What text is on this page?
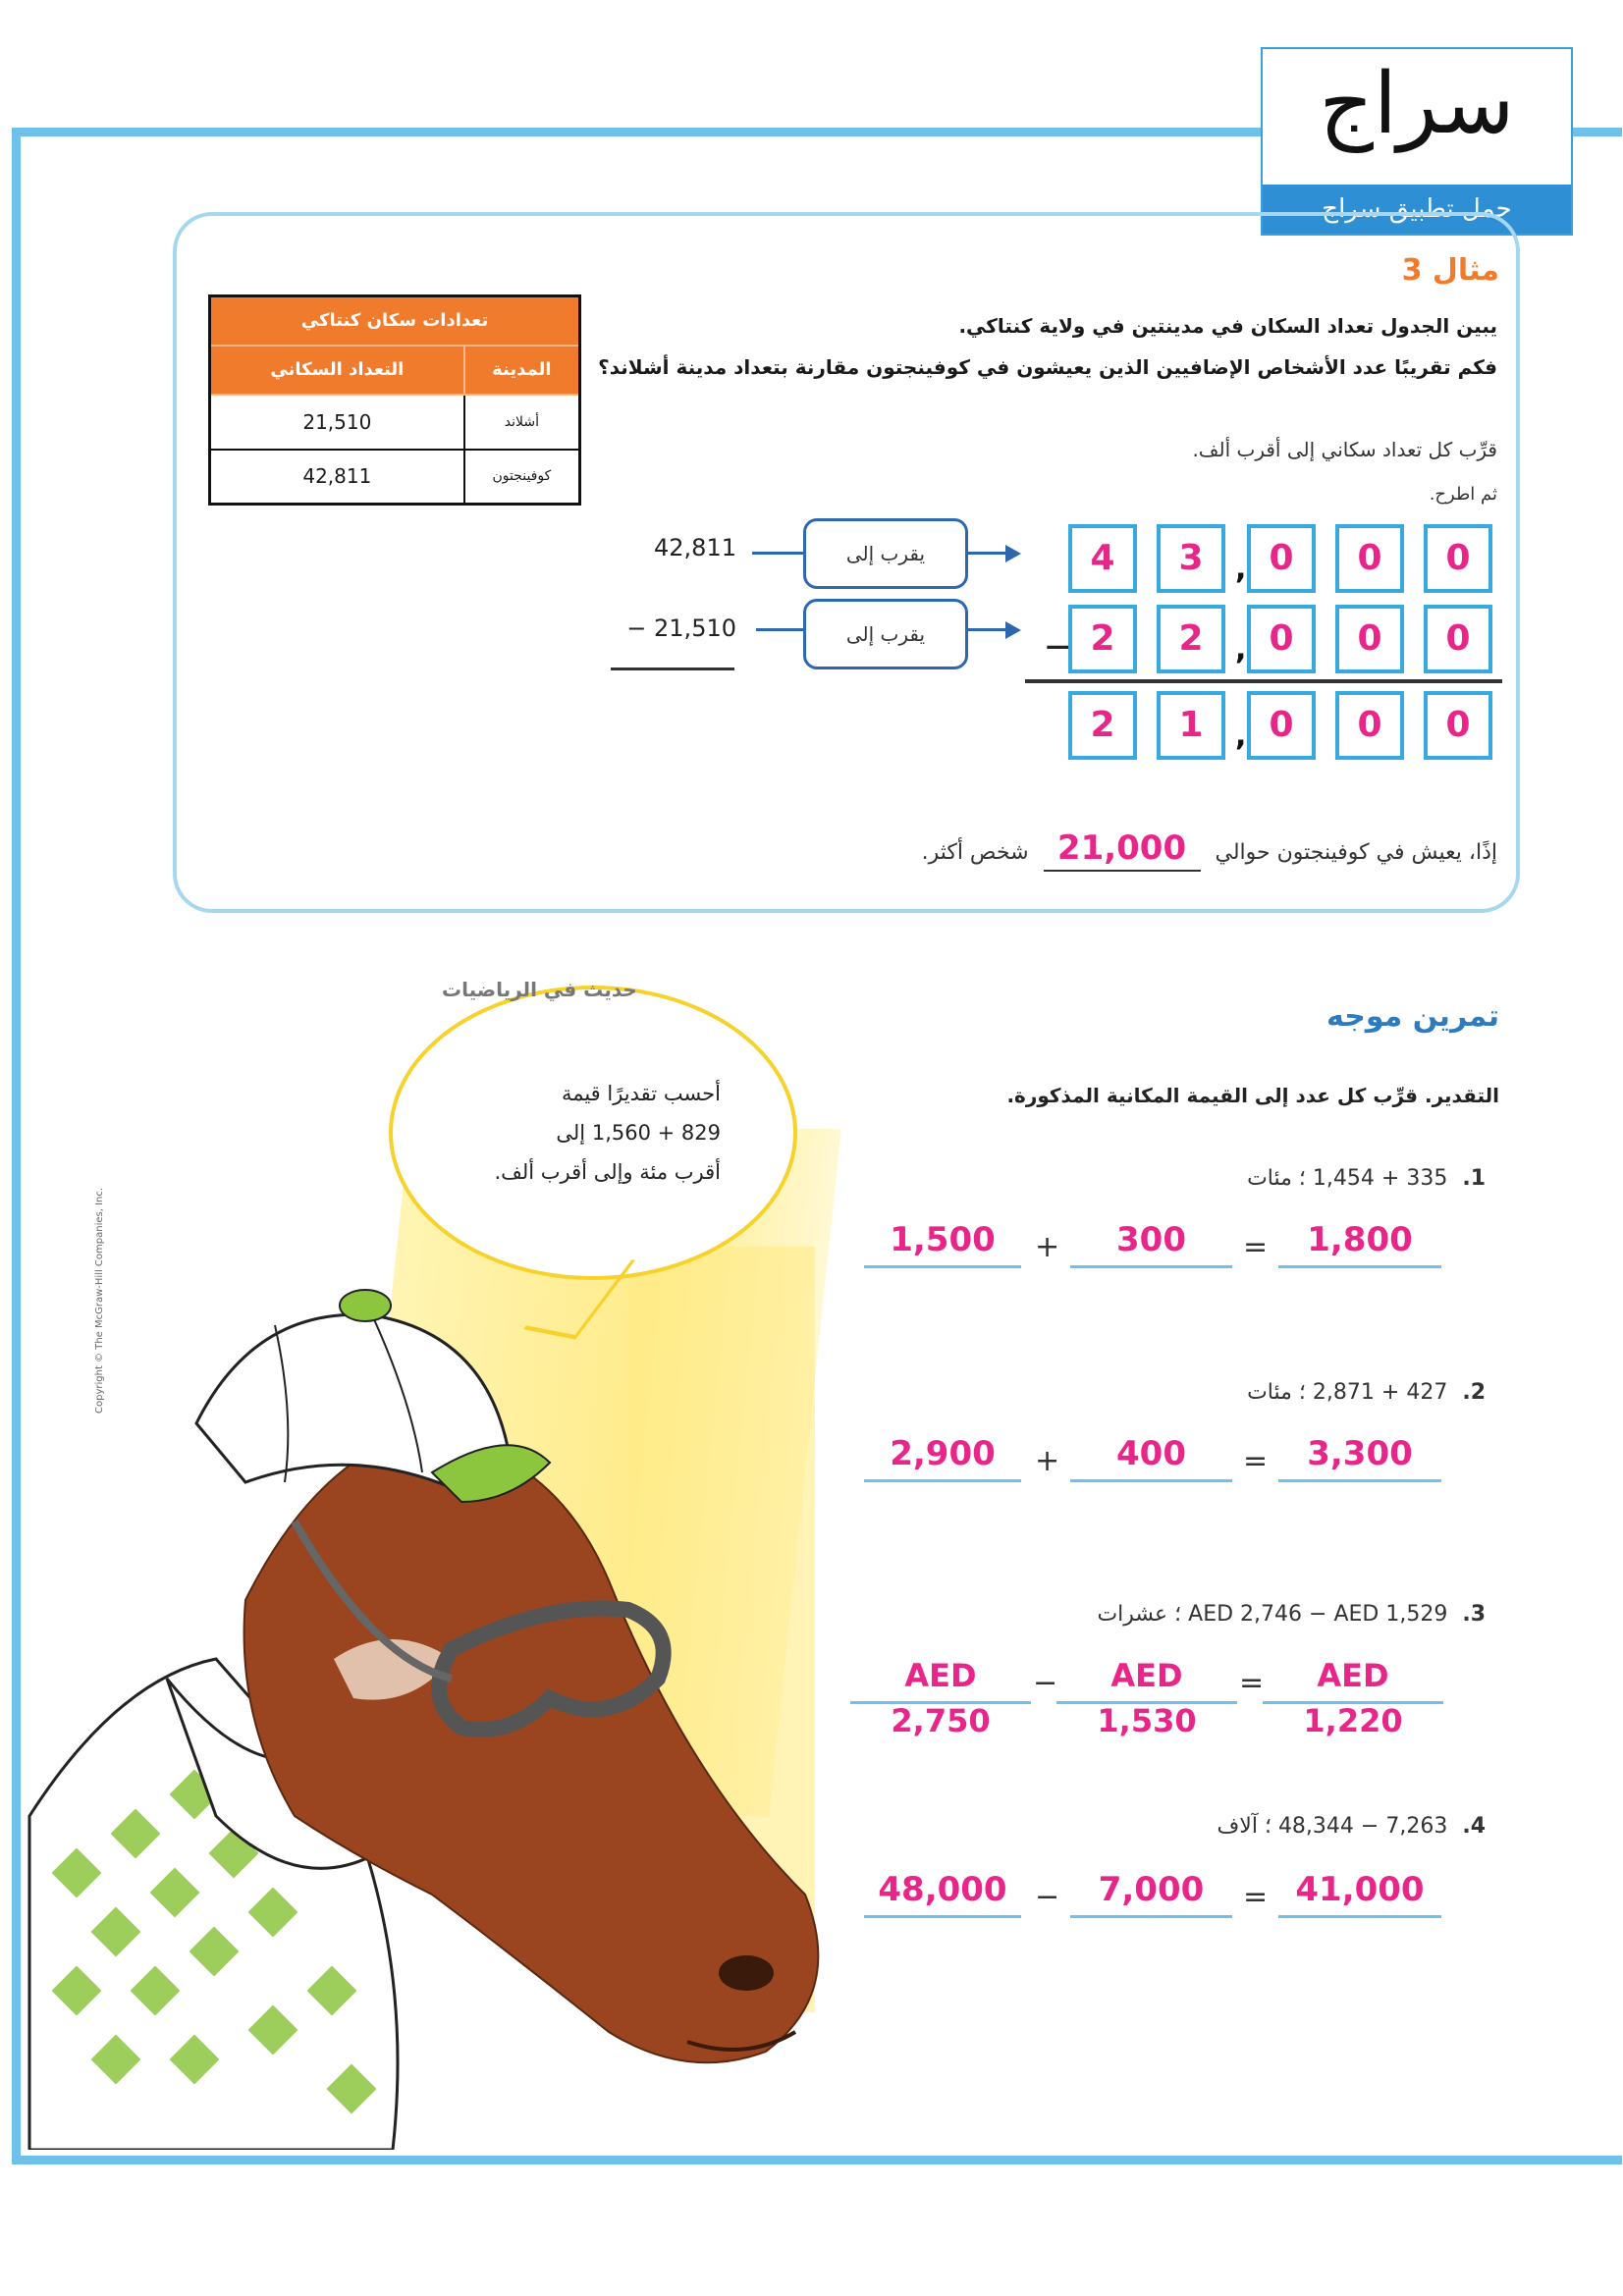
سراج
حمل تطبيق سراج
مثال 3
يبين الجدول تعداد السكان في مدينتين في ولاية كنتاكي.
فكم تقريبًا عدد الأشخاص الإضافيين الذين يعيشون في كوفينجتون مقارنة بتعداد مدينة أشلاند؟
قرِّب كل تعداد سكاني إلى أقرب ألف.
ثم اطرح.
تعدادات سكان كنتاكي	
المدينة	التعداد السكاني
أشلاند	21,510
كوفينجتون	42,811
42,811
− 21,510
يقرب إلى
يقرب إلى
4	3	, 0	0	0
− 2	2	, 0	0	0
2	1	, 0	0	0
إذًا، يعيش في كوفينجتون حوالي 21,000 شخص أكثر.
Copyright © The McGraw-Hill Companies, Inc.
حديث في الرياضيات
أحسب تقديرًا قيمة
829 + 1,560 إلى
أقرب مئة وإلى أقرب ألف.
تمرين موجه
التقدير. قرِّب كل عدد إلى القيمة المكانية المذكورة.
1. 1,454 + 335 ؛ مئات
1,500	+	300	=	1,800
2. 2,871 + 427 ؛ مئات
2,900	+	400	=	3,300
3. AED 2,746 − AED 1,529 ؛ عشرات
AED 2,750
−	AED 1,530
=	AED 1,220
4. 48,344 − 7,263 ؛ آلاف
48,000 −	7,000	= 41,000
